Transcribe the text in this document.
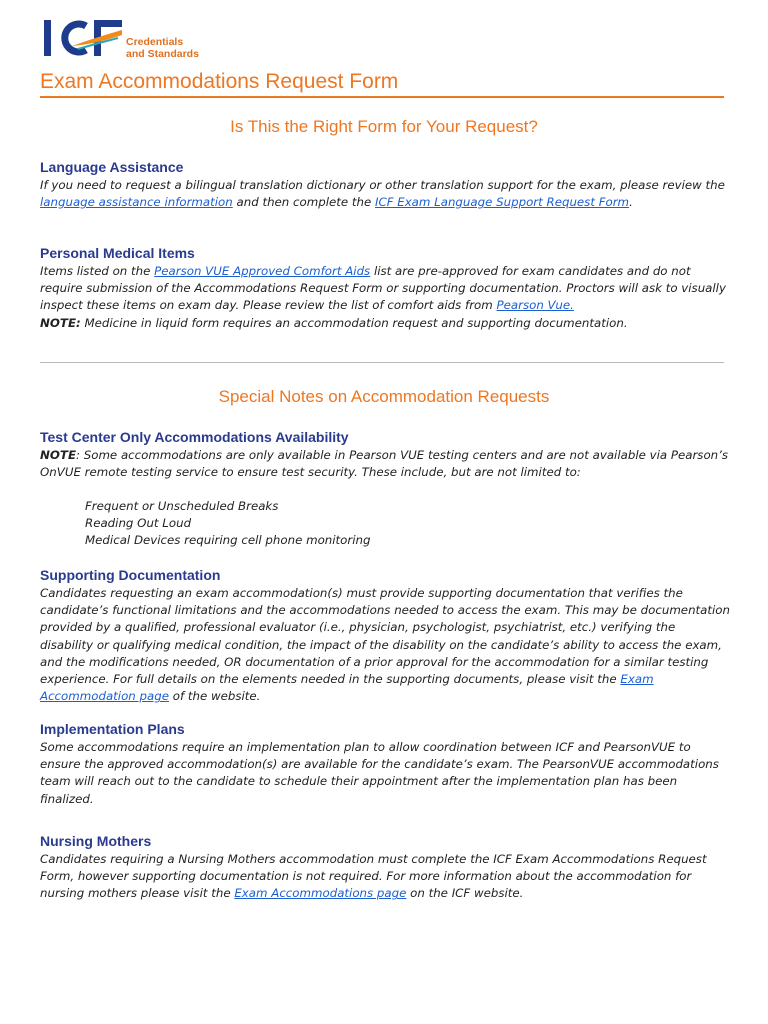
Credentials
and Standards
Exam Accommodations Request Form
Is This the Right Form for Your Request?
Language Assistance

If you need to request a bilingual translation dictionary or other translation support for the exam, please review the language assistance information and then complete the ICF Exam Language Support Request Form.

Personal Medical Items

Items listed on the Pearson VUE Approved Comfort Aids list are pre-approved for exam candidates and do not require submission of the Accommodations Request Form or supporting documentation. Proctors will ask to visually inspect these items on exam day. Please review the list of comfort aids from Pearson Vue.
NOTE: Medicine in liquid form requires an accommodation request and supporting documentation.

Special Notes on Accommodation Requests
Test Center Only Accommodations Availability

NOTE: Some accommodations are only available in Pearson VUE testing centers and are not available via Pearson’s OnVUE remote testing service to ensure test security. These include, but are not limited to:

Frequent or Unscheduled Breaks
Reading Out Loud
Medical Devices requiring cell phone monitoring
Supporting Documentation

Candidates requesting an exam accommodation(s) must provide supporting documentation that verifies the candidate’s functional limitations and the accommodations needed to access the exam. This may be documentation provided by a qualified, professional evaluator (i.e., physician, psychologist, psychiatrist, etc.) verifying the disability or qualifying medical condition, the impact of the disability on the candidate’s ability to access the exam, and the modifications needed, OR documentation of a prior approval for the accommodation for a similar testing experience. For full details on the elements needed in the supporting documents, please visit the Exam Accommodation page of the website.

Implementation Plans

Some accommodations require an implementation plan to allow coordination between ICF and PearsonVUE to ensure the approved accommodation(s) are available for the candidate’s exam. The PearsonVUE accommodations team will reach out to the candidate to schedule their appointment after the implementation plan has been finalized.

Nursing Mothers

Candidates requiring a Nursing Mothers accommodation must complete the ICF Exam Accommodations Request Form, however supporting documentation is not required. For more information about the accommodation for nursing mothers please visit the Exam Accommodations page on the ICF website.
